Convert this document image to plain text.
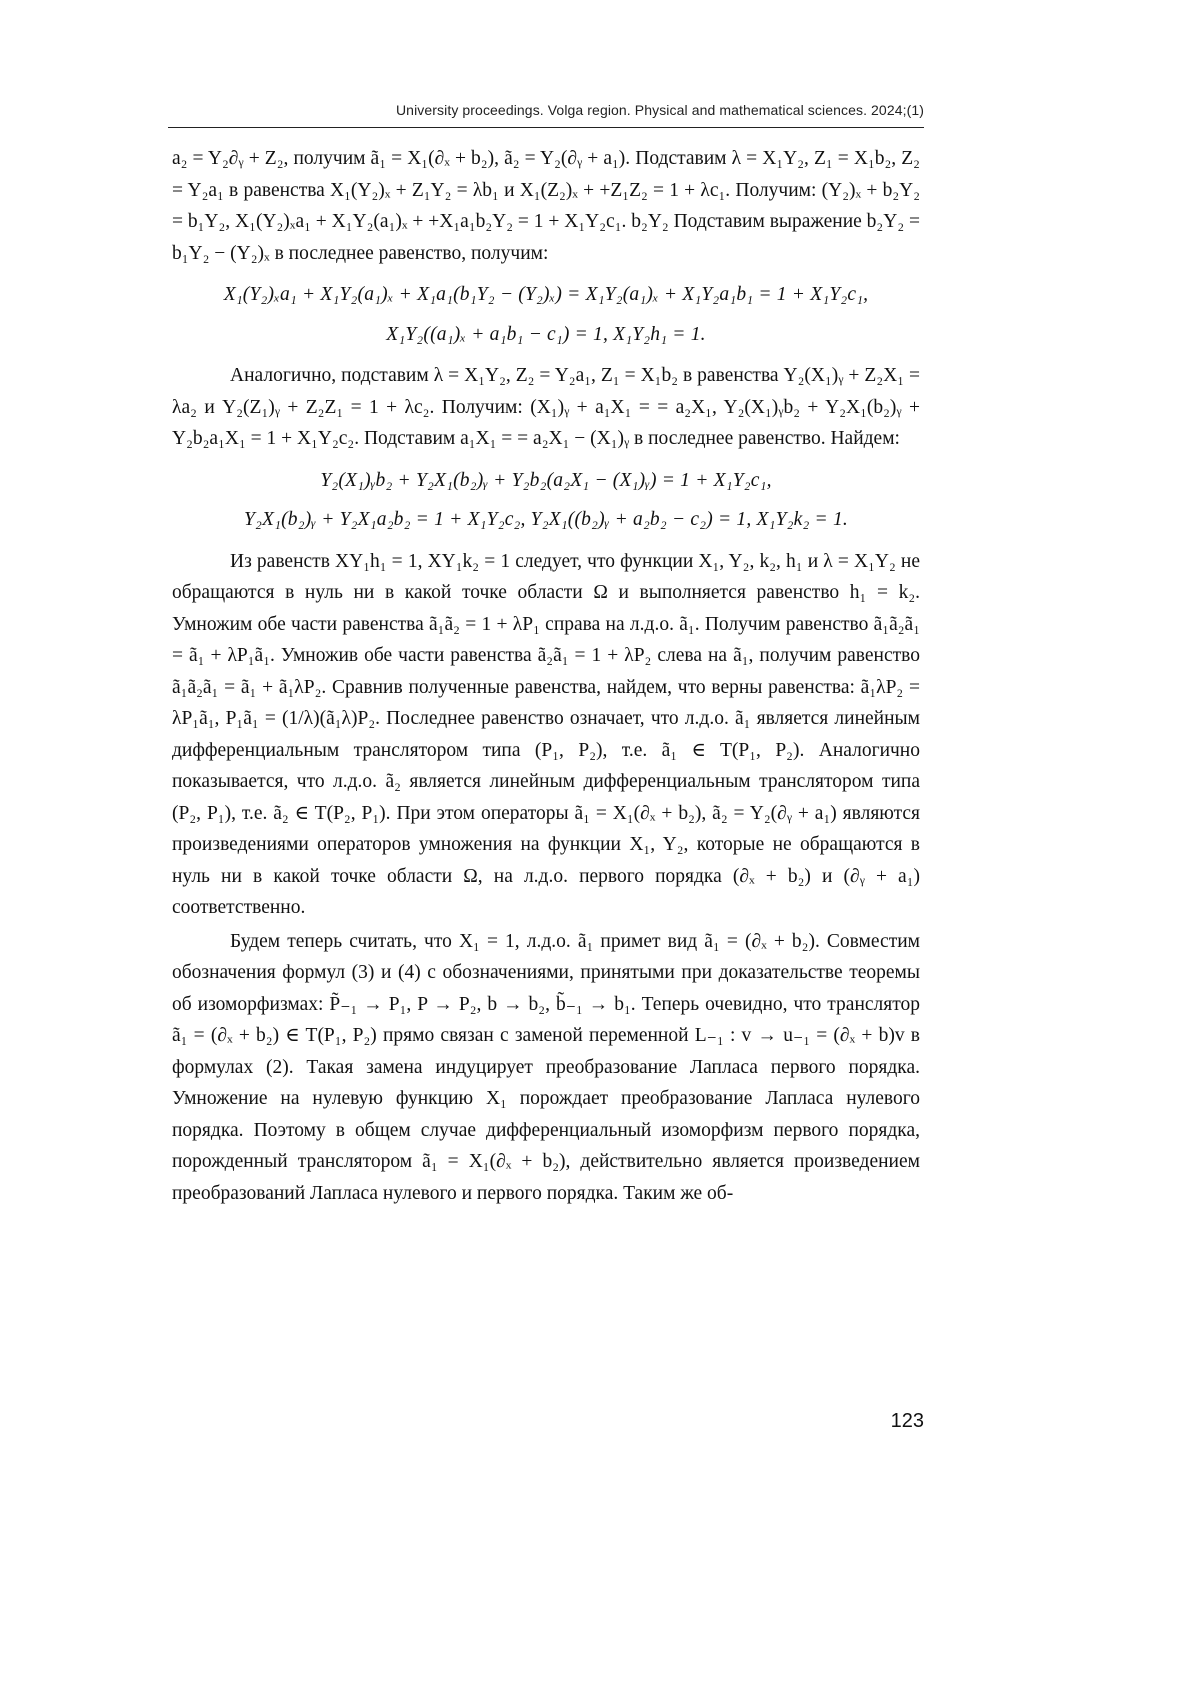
University proceedings. Volga region. Physical and mathematical sciences. 2024;(1)

a₂ = Y₂∂ᵧ + Z₂, получим ã₁ = X₁(∂ₓ + b₂), ã₂ = Y₂(∂ᵧ + a₁). Подставим λ = X₁Y₂, Z₁ = X₁b₂, Z₂ = Y₂a₁ в равенства X₁(Y₂)ₓ + Z₁Y₂ = λb₁ и X₁(Z₂)ₓ + +Z₁Z₂ = 1 + λc₁. Получим: (Y₂)ₓ + b₂Y₂ = b₁Y₂, X₁(Y₂)ₓa₁ + X₁Y₂(a₁)ₓ + +X₁a₁b₂Y₂ = 1 + X₁Y₂c₁. b₂Y₂ Подставим выражение b₂Y₂ = b₁Y₂ − (Y₂)ₓ в последнее равенство, получим:

X₁(Y₂)ₓa₁ + X₁Y₂(a₁)ₓ + X₁a₁(b₁Y₂ − (Y₂)ₓ) = X₁Y₂(a₁)ₓ + X₁Y₂a₁b₁ = 1 + X₁Y₂c₁,

X₁Y₂((a₁)ₓ + a₁b₁ − c₁) = 1, X₁Y₂h₁ = 1.

Аналогично, подставим λ = X₁Y₂, Z₂ = Y₂a₁, Z₁ = X₁b₂ в равенства Y₂(X₁)ᵧ + Z₂X₁ = λa₂ и Y₂(Z₁)ᵧ + Z₂Z₁ = 1 + λc₂. Получим: (X₁)ᵧ + a₁X₁ = = a₂X₁, Y₂(X₁)ᵧb₂ + Y₂X₁(b₂)ᵧ + Y₂b₂a₁X₁ = 1 + X₁Y₂c₂. Подставим a₁X₁ = = a₂X₁ − (X₁)ᵧ в последнее равенство. Найдем:

Y₂(X₁)ᵧb₂ + Y₂X₁(b₂)ᵧ + Y₂b₂(a₂X₁ − (X₁)ᵧ) = 1 + X₁Y₂c₁,

Y₂X₁(b₂)ᵧ + Y₂X₁a₂b₂ = 1 + X₁Y₂c₂, Y₂X₁((b₂)ᵧ + a₂b₂ − c₂) = 1, X₁Y₂k₂ = 1.

Из равенств XY₁h₁ = 1, XY₁k₂ = 1 следует, что функции X₁, Y₂, k₂, h₁ и λ = X₁Y₂ не обращаются в нуль ни в какой точке области Ω и выполняется равенство h₁ = k₂. Умножим обе части равенства ã₁ã₂ = 1 + λP₁ справа на л.д.о. ã₁. Получим равенство ã₁ã₂ã₁ = ã₁ + λP₁ã₁. Умножив обе части равенства ã₂ã₁ = 1 + λP₂ слева на ã₁, получим равенство ã₁ã₂ã₁ = ã₁ + ã₁λP₂. Сравнив полученные равенства, найдем, что верны равенства: ã₁λP₂ = λP₁ã₁, P₁ã₁ = (1/λ)(ã₁λ)P₂. Последнее равенство означает, что л.д.о. ã₁ является линейным дифференциальным транслятором типа (P₁, P₂), т.е. ã₁ ∈ T(P₁, P₂). Аналогично показывается, что л.д.о. ã₂ является линейным дифференциальным транслятором типа (P₂, P₁), т.е. ã₂ ∈ T(P₂, P₁). При этом операторы ã₁ = X₁(∂ₓ + b₂), ã₂ = Y₂(∂ᵧ + a₁) являются произведениями операторов умножения на функции X₁, Y₂, которые не обращаются в нуль ни в какой точке области Ω, на л.д.о. первого порядка (∂ₓ + b₂) и (∂ᵧ + a₁) соответственно.

Будем теперь считать, что X₁ = 1, л.д.о. ã₁ примет вид ã₁ = (∂ₓ + b₂). Совместим обозначения формул (3) и (4) с обозначениями, принятыми при доказательстве теоремы об изоморфизмах: P̃₋₁ → P₁, P → P₂, b → b₂, b̃₋₁ → b₁. Теперь очевидно, что транслятор ã₁ = (∂ₓ + b₂) ∈ T(P₁, P₂) прямо связан с заменой переменной L₋₁ : v → u₋₁ = (∂ₓ + b)v в формулах (2). Такая замена индуцирует преобразование Лапласа первого порядка. Умножение на нулевую функцию X₁ порождает преобразование Лапласа нулевого порядка. Поэтому в общем случае дифференциальный изоморфизм первого порядка, порожденный транслятором ã₁ = X₁(∂ₓ + b₂), действительно является произведением преобразований Лапласа нулевого и первого порядка. Таким же об-

123
